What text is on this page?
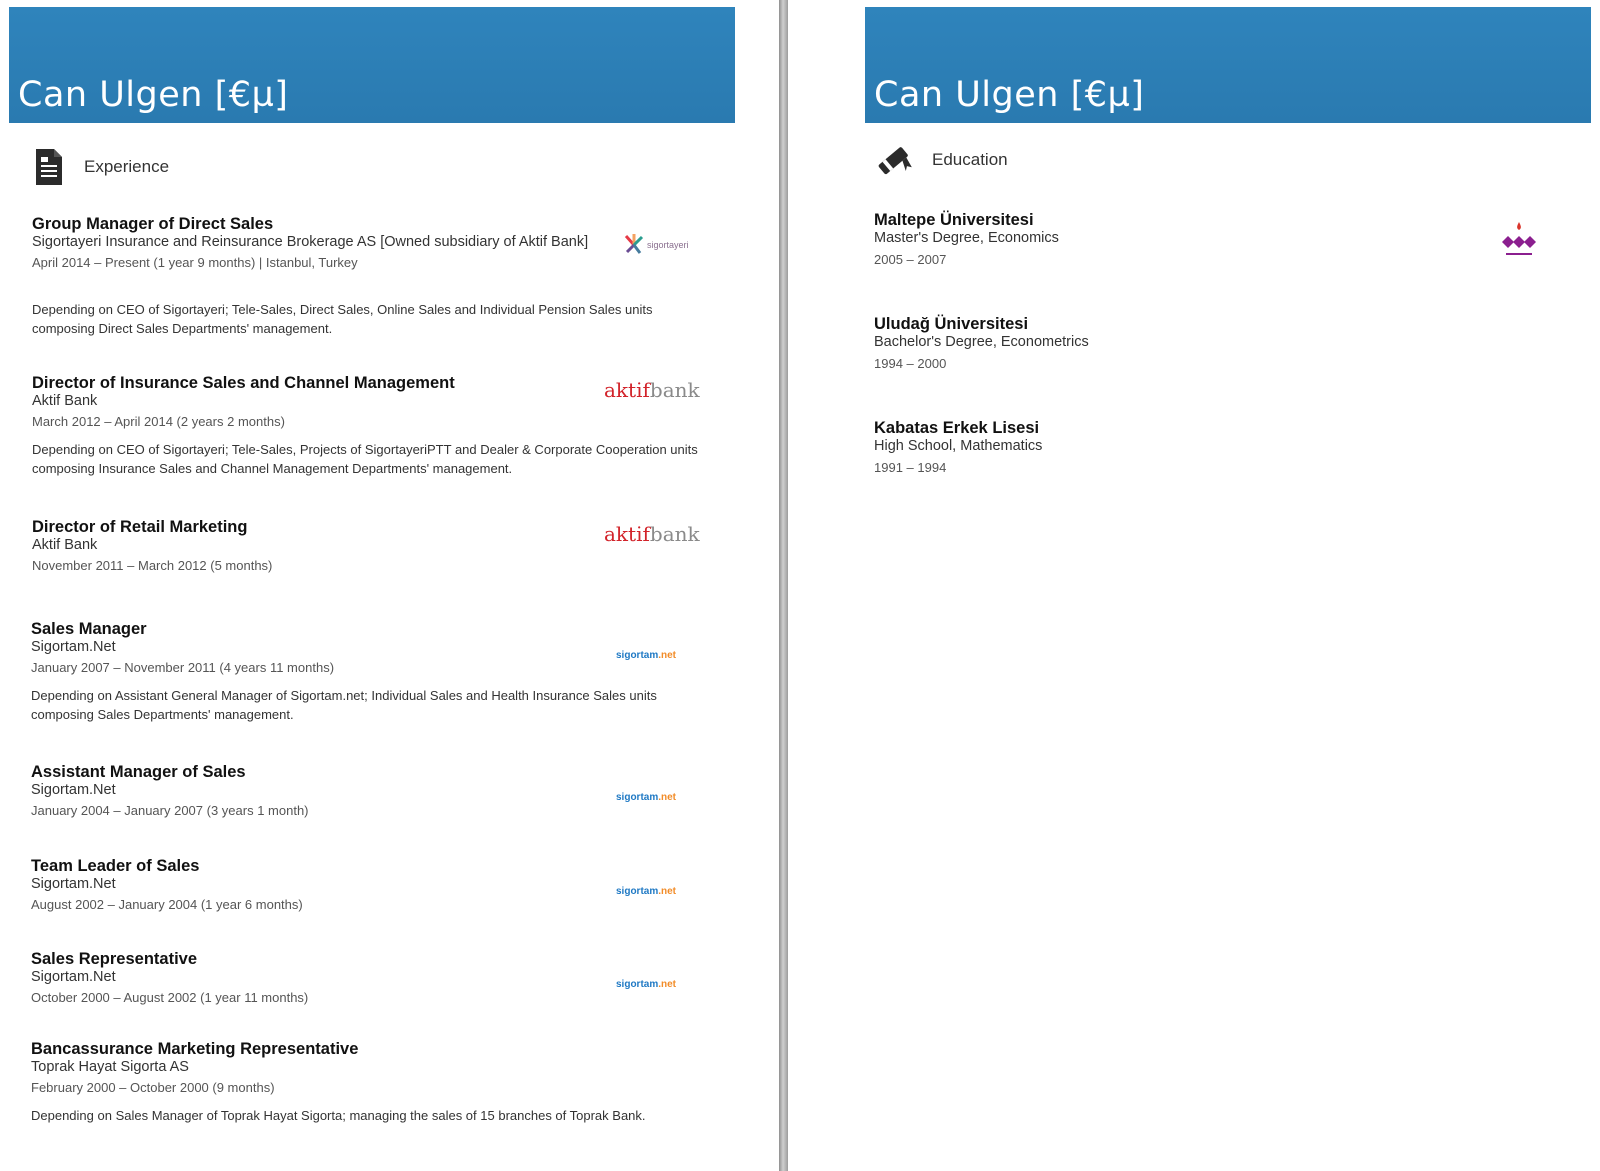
Can Ulgen [€µ]
Experience
Group Manager of Direct Sales
Sigortayeri Insurance and Reinsurance Brokerage AS [Owned subsidiary of Aktif Bank]
April 2014 – Present (1 year 9 months) | Istanbul, Turkey
Depending on CEO of Sigortayeri; Tele-Sales, Direct Sales, Online Sales and Individual Pension Sales units composing Direct Sales Departments' management.
sigortayeri
Director of Insurance Sales and Channel Management
Aktif Bank
March 2012 – April 2014 (2 years 2 months)
Depending on CEO of Sigortayeri; Tele-Sales, Projects of SigortayeriPTT and Dealer & Corporate Cooperation units composing Insurance Sales and Channel Management Departments' management.
aktifbank
Director of Retail Marketing
Aktif Bank
November 2011 – March 2012 (5 months)
aktifbank
Sales Manager
Sigortam.Net
January 2007 – November 2011 (4 years 11 months)
Depending on Assistant General Manager of Sigortam.net; Individual Sales and Health Insurance Sales units composing Sales Departments' management.
sigortam.net
Assistant Manager of Sales
Sigortam.Net
January 2004 – January 2007 (3 years 1 month)
sigortam.net
Team Leader of Sales
Sigortam.Net
August 2002 – January 2004 (1 year 6 months)
sigortam.net
Sales Representative
Sigortam.Net
October 2000 – August 2002 (1 year 11 months)
sigortam.net
Bancassurance Marketing Representative
Toprak Hayat Sigorta AS
February 2000 – October 2000 (9 months)
Depending on Sales Manager of Toprak Hayat Sigorta; managing the sales of 15 branches of Toprak Bank.
Can Ulgen [€µ]
Education
Maltepe Üniversitesi
Master's Degree, Economics
2005 – 2007
Uludağ Üniversitesi
Bachelor's Degree, Econometrics
1994 – 2000
Kabatas Erkek Lisesi
High School, Mathematics
1991 – 1994
